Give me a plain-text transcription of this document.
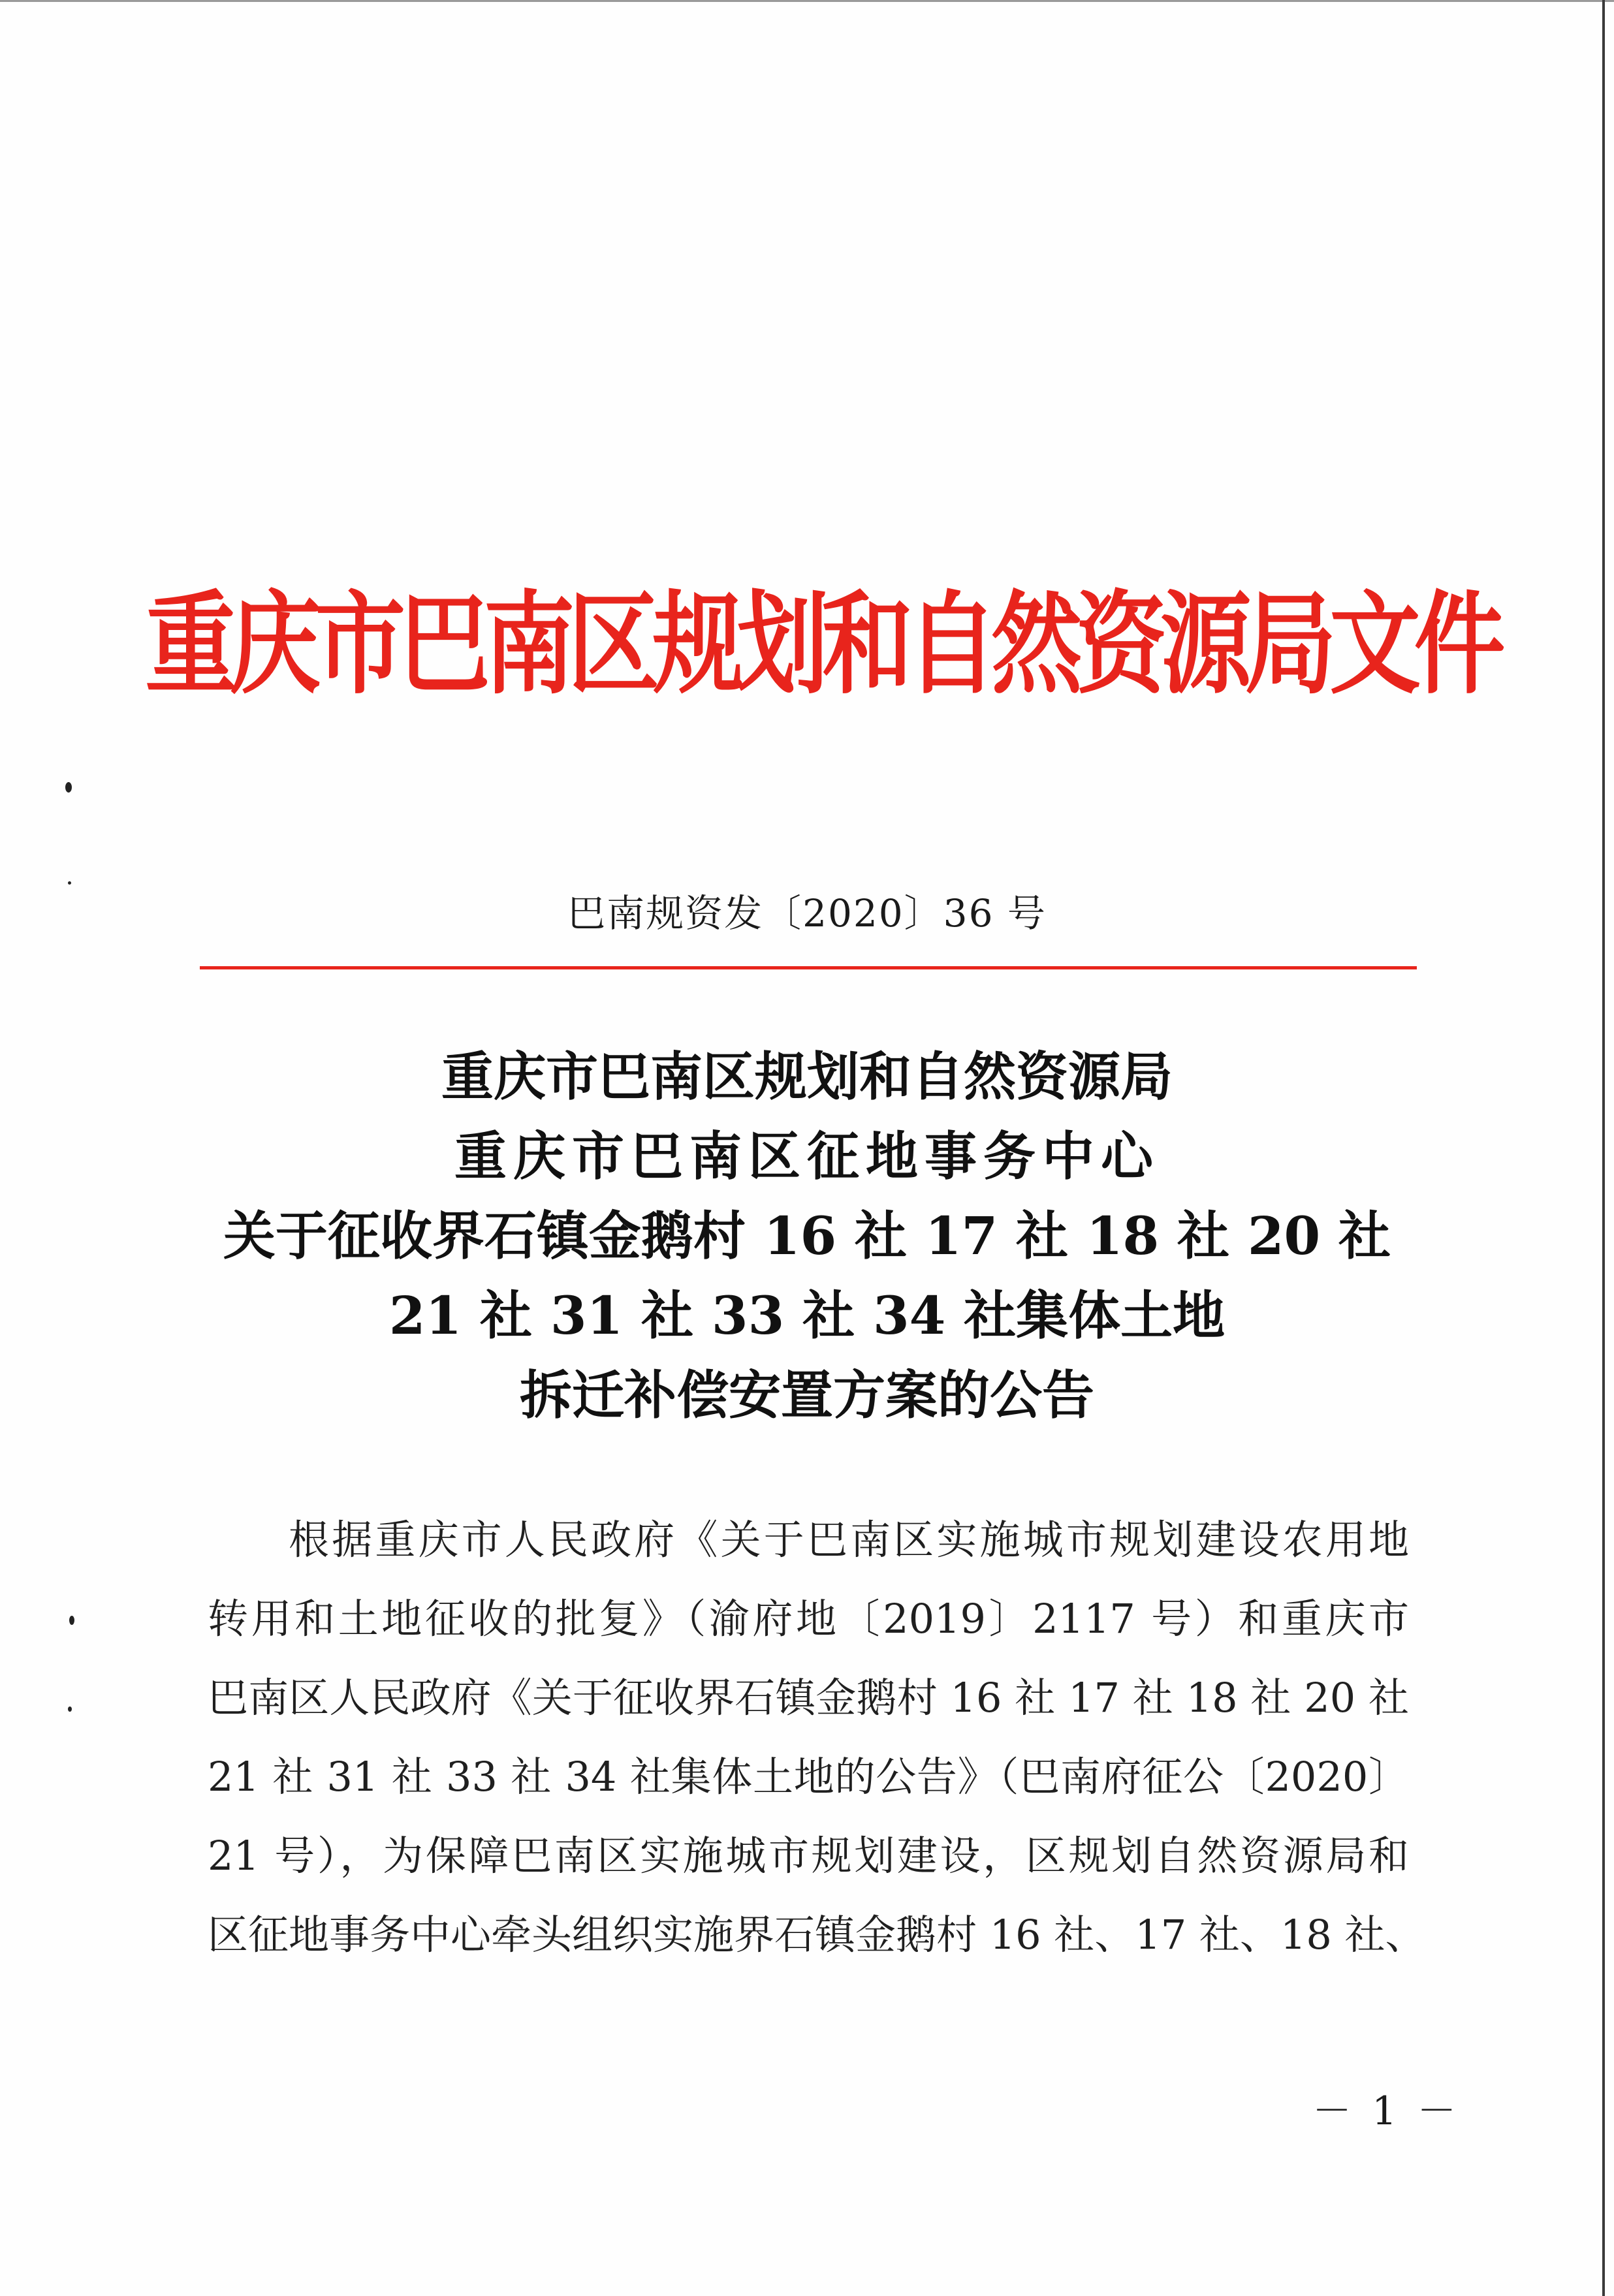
重庆市巴南区规划和自然资源局文件
巴南规资发〔2020〕36 号
重庆市巴南区规划和自然资源局
重庆市巴南区征地事务中心
关于征收界石镇金鹅村 16 社 17 社 18 社 20 社
21 社 31 社 33 社 34 社集体土地
拆迁补偿安置方案的公告
根据重庆市人民政府《关于巴南区实施城市规划建设农用地
转用和土地征收的批复》（渝府地〔2019〕2117 号）和重庆市
巴南区人民政府《关于征收界石镇金鹅村 16 社 17 社 18 社 20 社
21 社 31 社 33 社 34 社集体土地的公告》（巴南府征公〔2020〕
21 号），为保障巴南区实施城市规划建设，区规划自然资源局和
区征地事务中心牵头组织实施界石镇金鹅村 16 社、17 社、18 社、
－ 1 －
